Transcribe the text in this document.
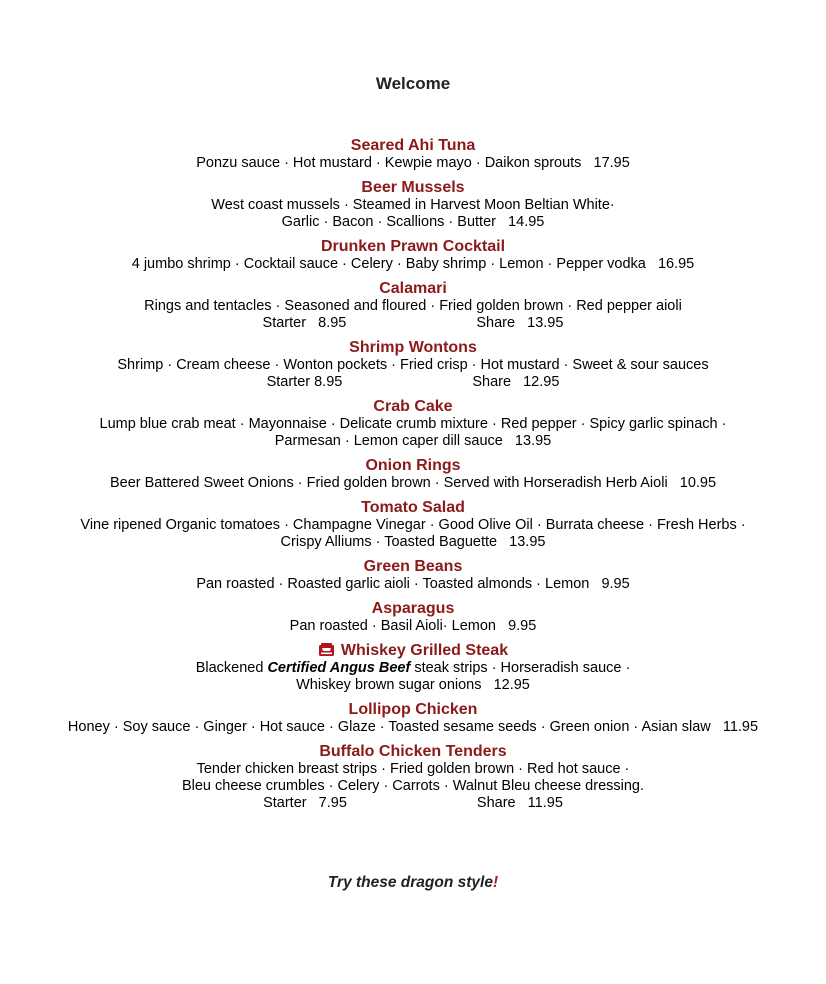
Welcome
Seared Ahi Tuna
Ponzu sauce · Hot mustard · Kewpie mayo · Daikon sprouts   17.95
Beer Mussels
West coast mussels · Steamed in Harvest Moon Beltian White·
Garlic · Bacon · Scallions · Butter   14.95
Drunken Prawn Cocktail
4 jumbo shrimp · Cocktail sauce · Celery · Baby shrimp · Lemon · Pepper vodka   16.95
Calamari
Rings and tentacles · Seasoned and floured · Fried golden brown · Red pepper aioli
Starter   8.95	Share   13.95
Shrimp Wontons
Shrimp · Cream cheese · Wonton pockets · Fried crisp · Hot mustard · Sweet & sour sauces
Starter 8.95	Share   12.95
Crab Cake
Lump blue crab meat · Mayonnaise · Delicate crumb mixture · Red pepper · Spicy garlic spinach ·
Parmesan · Lemon caper dill sauce   13.95
Onion Rings
Beer Battered Sweet Onions · Fried golden brown · Served with Horseradish Herb Aioli   10.95
Tomato Salad
Vine ripened Organic tomatoes · Champagne Vinegar · Good Olive Oil · Burrata cheese · Fresh Herbs ·
Crispy Alliums · Toasted Baguette   13.95
Green Beans
Pan roasted · Roasted garlic aioli · Toasted almonds · Lemon   9.95
Asparagus
Pan roasted · Basil Aioli· Lemon   9.95
Whiskey Grilled Steak
Blackened Certified Angus Beef steak strips · Horseradish sauce ·
Whiskey brown sugar onions   12.95
Lollipop Chicken
Honey · Soy sauce · Ginger · Hot sauce · Glaze · Toasted sesame seeds · Green onion · Asian slaw   11.95
Buffalo Chicken Tenders
Tender chicken breast strips · Fried golden brown · Red hot sauce ·
Bleu cheese crumbles · Celery · Carrots · Walnut Bleu cheese dressing.
Starter   7.95	Share   11.95
Try these dragon style!
